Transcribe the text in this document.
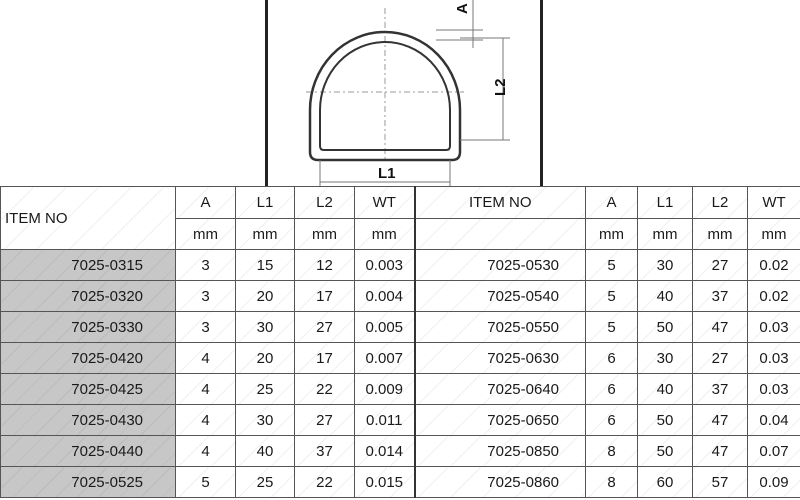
A
L2
L1
ITEM NO	A	L1	L2	WT	ITEM NO	A	L1	L2	WT
	mm	mm	mm	mm		mm	mm	mm	mm
7025-0315	3	15	12	0.003	7025-0530	5	30	27	0.02
7025-0320	3	20	17	0.004	7025-0540	5	40	37	0.02
7025-0330	3	30	27	0.005	7025-0550	5	50	47	0.03
7025-0420	4	20	17	0.007	7025-0630	6	30	27	0.03
7025-0425	4	25	22	0.009	7025-0640	6	40	37	0.03
7025-0430	4	30	27	0.011	7025-0650	6	50	47	0.04
7025-0440	4	40	37	0.014	7025-0850	8	50	47	0.07
7025-0525	5	25	22	0.015	7025-0860	8	60	57	0.09
